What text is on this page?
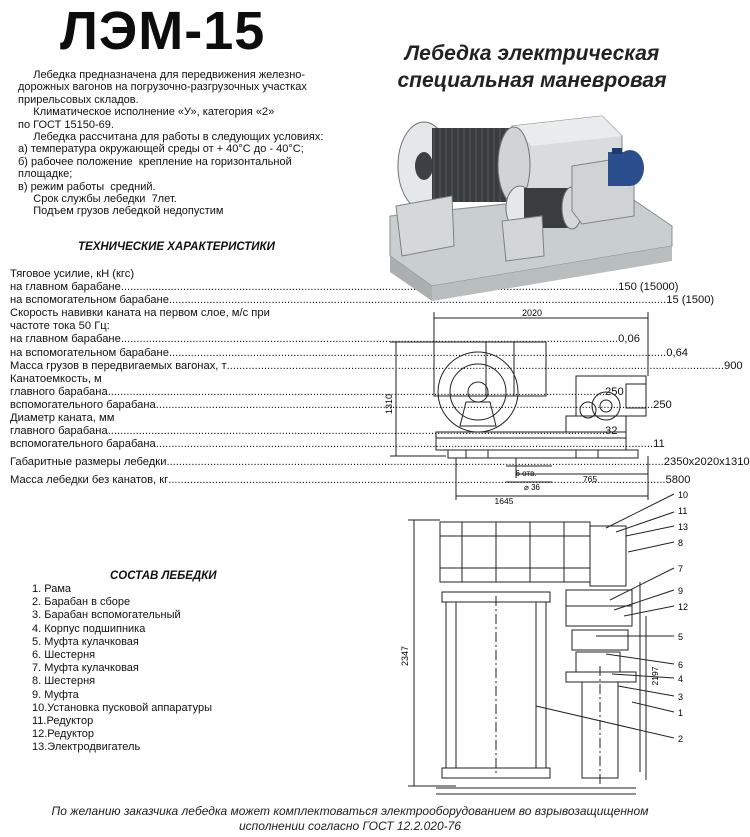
ЛЭМ-15	Лебедка электрическая
специальная маневровая

Лебедка предназначена для передвижения железно-

дорожных вагонов на погрузочно-разгрузочных участках

прирельсовых складов.

Климатическое исполнение «У», категория «2»

по ГОСТ 15150-69.

Лебедка рассчитана для работы в следующих условиях:

а) температура окружающей среды от + 40°С до - 40°С;

б) рабочее положение  крепление на горизонтальной

площадке;

в) режим работы  средний.

Срок службы лебедки  7лет.

Подъем грузов лебедкой недопустим

ТЕХНИЧЕСКИЕ ХАРАКТЕРИСТИКИ
Тяговое усилие, кН (кгс)
на главном барабане .....	150 (15000)
на вспомогательном барабане .....	15 (1500)
Скорость навивки каната на первом слое, м/с при
частоте тока 50 Гц:
на главном барабане .....	0,06
на вспомогательном барабане .....	0,64
Масса грузов в передвигаемых вагонах, т .....	900
Канатоемкость, м
главного барабана .....	250
вспомогательного барабана .....	250
Диаметр каната, мм
главного барабана .....	32
вспомогательного барабана .....	11
Габаритные размеры лебедки .....	2350х2020х1310
Масса лебедки без канатов, кг .....	5800
СОСТАВ ЛЕБЕДКИ
1. Рама
2. Барабан в сборе
3. Барабан вспомогательный
4. Корпус подшипника
5. Муфта кулачковая
6. Шестерня
7. Муфта кулачковая
8. Шестерня
9. Муфта
10.Установка пусковой аппаратуры
11.Редуктор
12.Редуктор
13.Электродвигатель
2020
1310
6 отв.
⌀ 36
765
1645
2347
2197
10
11
13
8
7
9
12
5
6
4
3
1
2
По желанию заказчика лебедка может комплектоваться электрооборудованием во взрывозащищенном
исполнении согласно ГОСТ 12.2.020-76
